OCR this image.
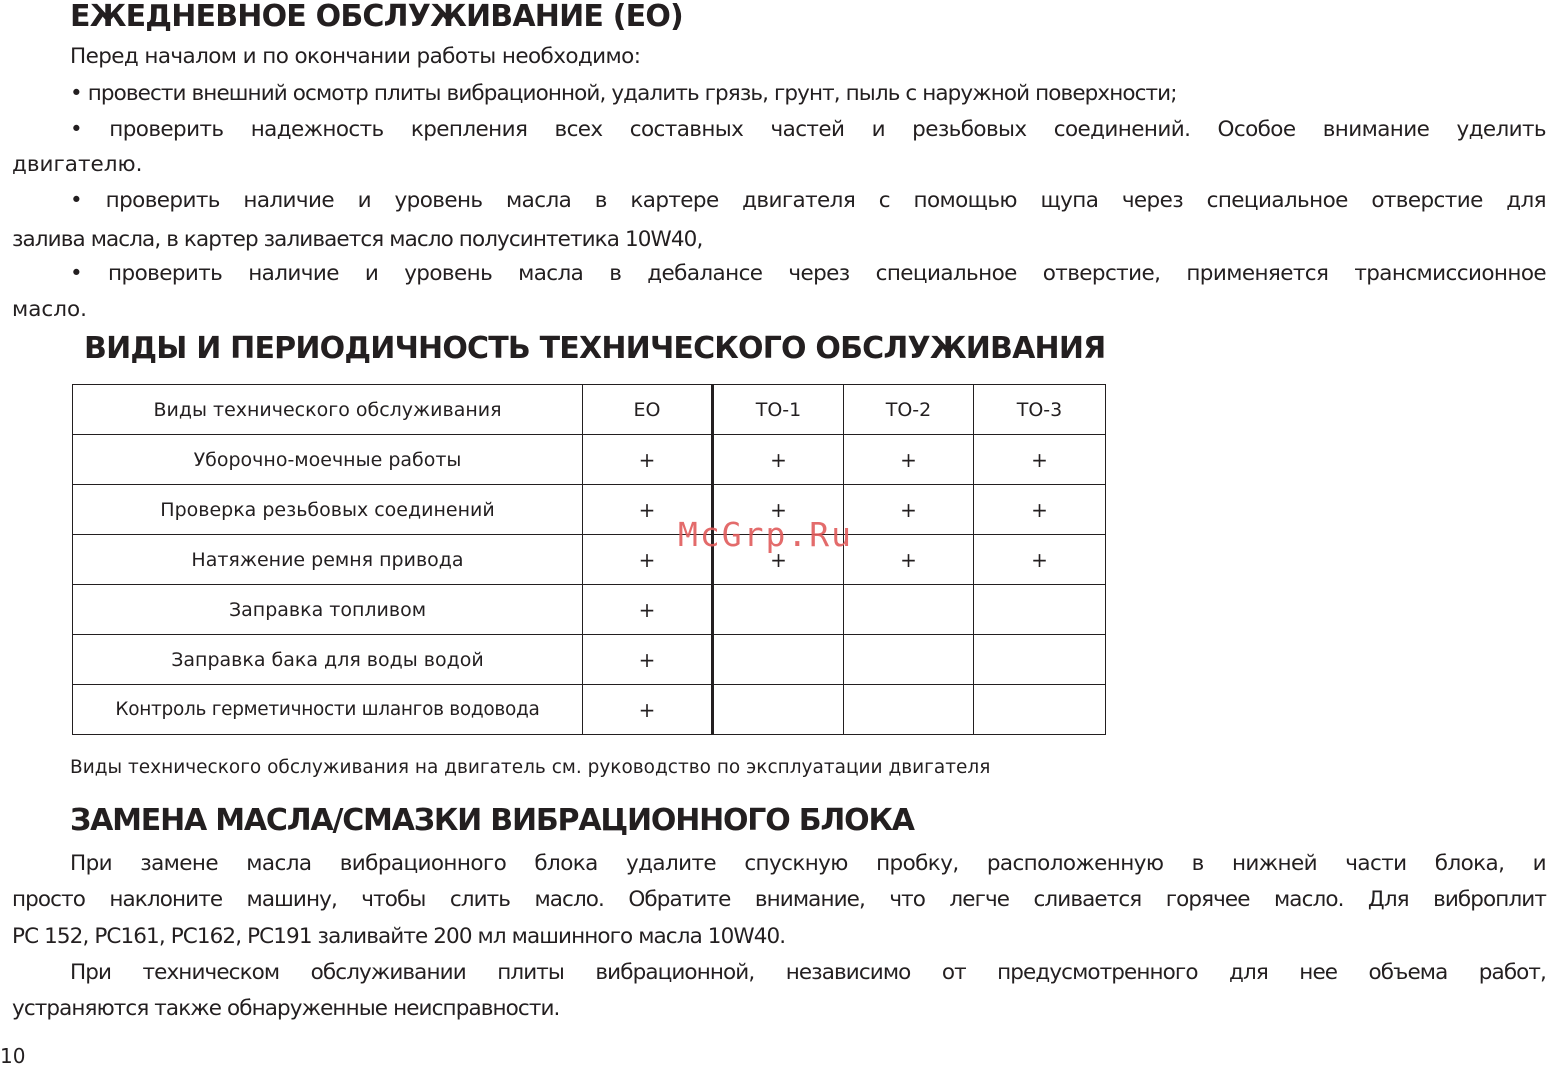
ЕЖЕДНЕВНОЕ ОБСЛУЖИВАНИЕ (ЕО)

Перед началом и по окончании работы необходимо:

• провести внешний осмотр плиты вибрационной, удалить грязь, грунт, пыль с наружной поверхности;

• проверить надежность крепления всех составных частей и резьбовых соединений. Особое внимание уделить

двигателю.

• проверить наличие и уровень масла в картере двигателя с помощью щупа через специальное отверстие для

залива масла, в картер заливается масло полусинтетика 10W40,

• проверить наличие и уровень масла в дебалансе через специальное отверстие, применяется трансмиссионное

масло.

ВИДЫ И ПЕРИОДИЧНОСТЬ ТЕХНИЧЕСКОГО ОБСЛУЖИВАНИЯ
Виды технического обслуживания	ЕО	ТО-1	ТО-2	ТО-3
Уборочно-моечные работы	+	+	+	+
Проверка резьбовых соединений	+	+	+	+
Натяжение ремня привода	+	+	+	+
Заправка топливом	+			
Заправка бака для воды водой	+			
Контроль герметичности шлангов водовода	+			
McGrp.Ru

Виды технического обслуживания на двигатель см. руководство по эксплуатации двигателя

ЗАМЕНА МАСЛА/СМАЗКИ ВИБРАЦИОННОГО БЛОКА

При замене масла вибрационного блока удалите спускную пробку, расположенную в нижней части блока, и

просто наклоните машину, чтобы слить масло. Обратите внимание, что легче сливается горячее масло. Для виброплит

PC 152, PC161, PC162, PC191 заливайте 200 мл машинного масла 10W40.

При техническом обслуживании плиты вибрационной, независимо от предусмотренного для нее объема работ,

устраняются также обнаруженные неисправности.

10
